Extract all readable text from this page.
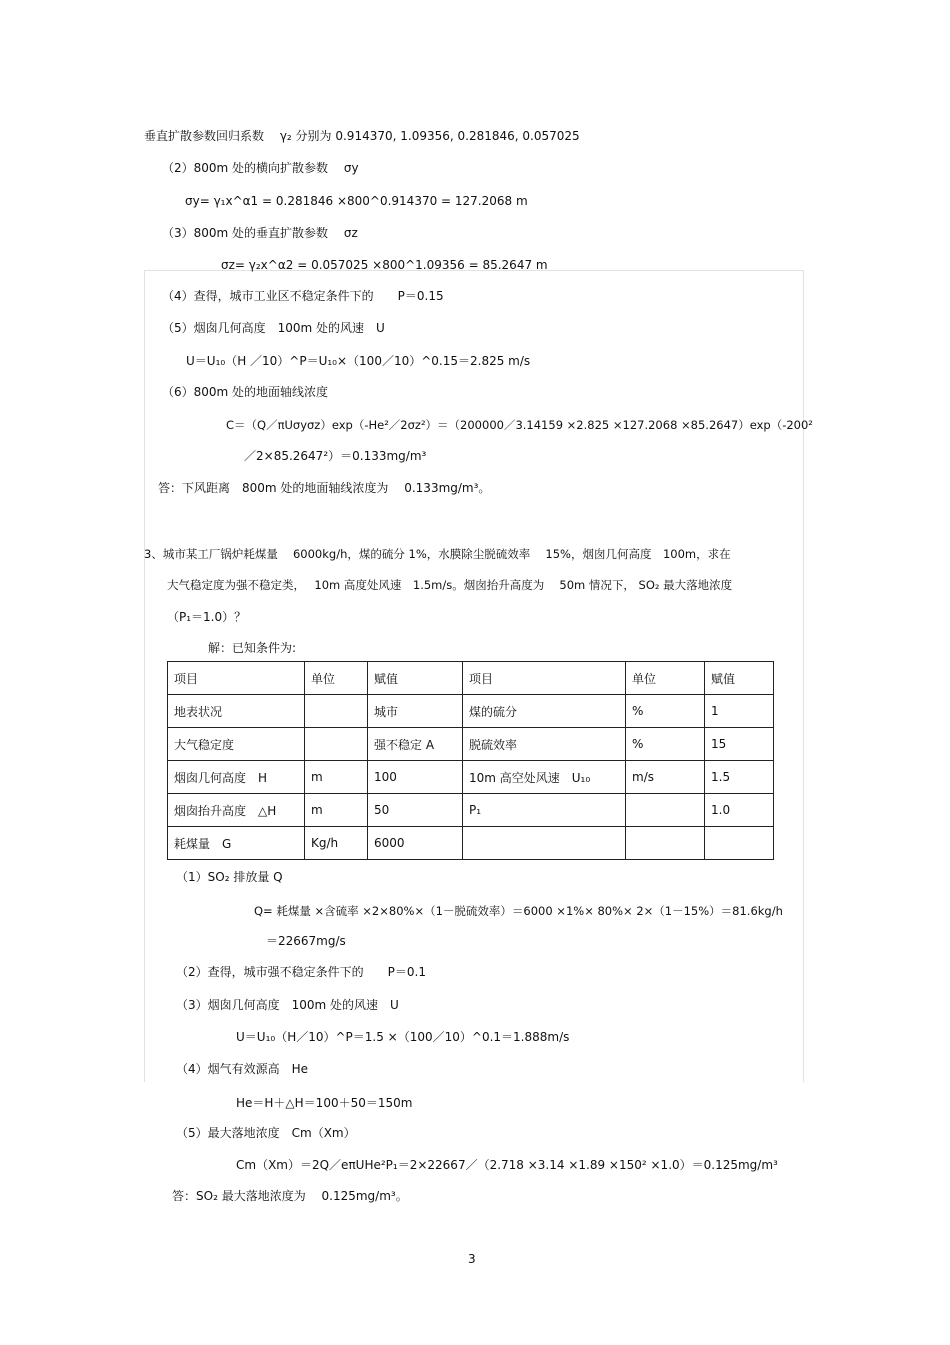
垂直扩散参数回归系数　 γ₂ 分别为 0.914370, 1.09356, 0.281846, 0.057025
（2）800m 处的横向扩散参数　 σy
σy= γ₁x^α1 = 0.281846 ×800^0.914370 = 127.2068 m
（3）800m 处的垂直扩散参数　 σz
σz= γ₂x^α2 = 0.057025 ×800^1.09356 = 85.2647 m
（4）查得，城市工业区不稳定条件下的　　P＝0.15
（5）烟囱几何高度　100m 处的风速　U
U＝U₁₀（H ／10）^P＝U₁₀×（100／10）^0.15＝2.825 m/s
（6）800m 处的地面轴线浓度
C＝（Q／πUσyσz）exp（-He²／2σz²）＝（200000／3.14159 ×2.825 ×127.2068 ×85.2647）exp（-200²
／2×85.2647²）＝0.133mg/m³
答：下风距离　800m 处的地面轴线浓度为　 0.133mg/m³。
3、城市某工厂锅炉耗煤量　 6000kg/h，煤的硫分 1%，水膜除尘脱硫效率　 15%，烟囱几何高度　100m，求在
大气稳定度为强不稳定类，　 10m 高度处风速　1.5m/s。烟囱抬升高度为　 50m 情况下， SO₂ 最大落地浓度
（P₁＝1.0）？
解：已知条件为:
项目	单位	赋值	项目	单位	赋值
地表状况		城市	煤的硫分	%	1
大气稳定度		强不稳定 A	脱硫效率	%	15
烟囱几何高度　H	m	100	10m 高空处风速　U₁₀	m/s	1.5
烟囱抬升高度　△H	m	50	P₁		1.0
耗煤量　G	Kg/h	6000			
（1）SO₂ 排放量 Q
Q= 耗煤量 ×含硫率 ×2×80%×（1－脱硫效率）＝6000 ×1%× 80%× 2×（1－15%）＝81.6kg/h
＝22667mg/s
（2）查得，城市强不稳定条件下的　　P＝0.1
（3）烟囱几何高度　100m 处的风速　U
U＝U₁₀（H／10）^P＝1.5 ×（100／10）^0.1＝1.888m/s
（4）烟气有效源高　He
He＝H＋△H＝100＋50＝150m
（5）最大落地浓度　Cm（Xm）
Cm（Xm）＝2Q／eπUHe²P₁＝2×22667／（2.718 ×3.14 ×1.89 ×150² ×1.0）＝0.125mg/m³
答：SO₂ 最大落地浓度为　 0.125mg/m³。
3
